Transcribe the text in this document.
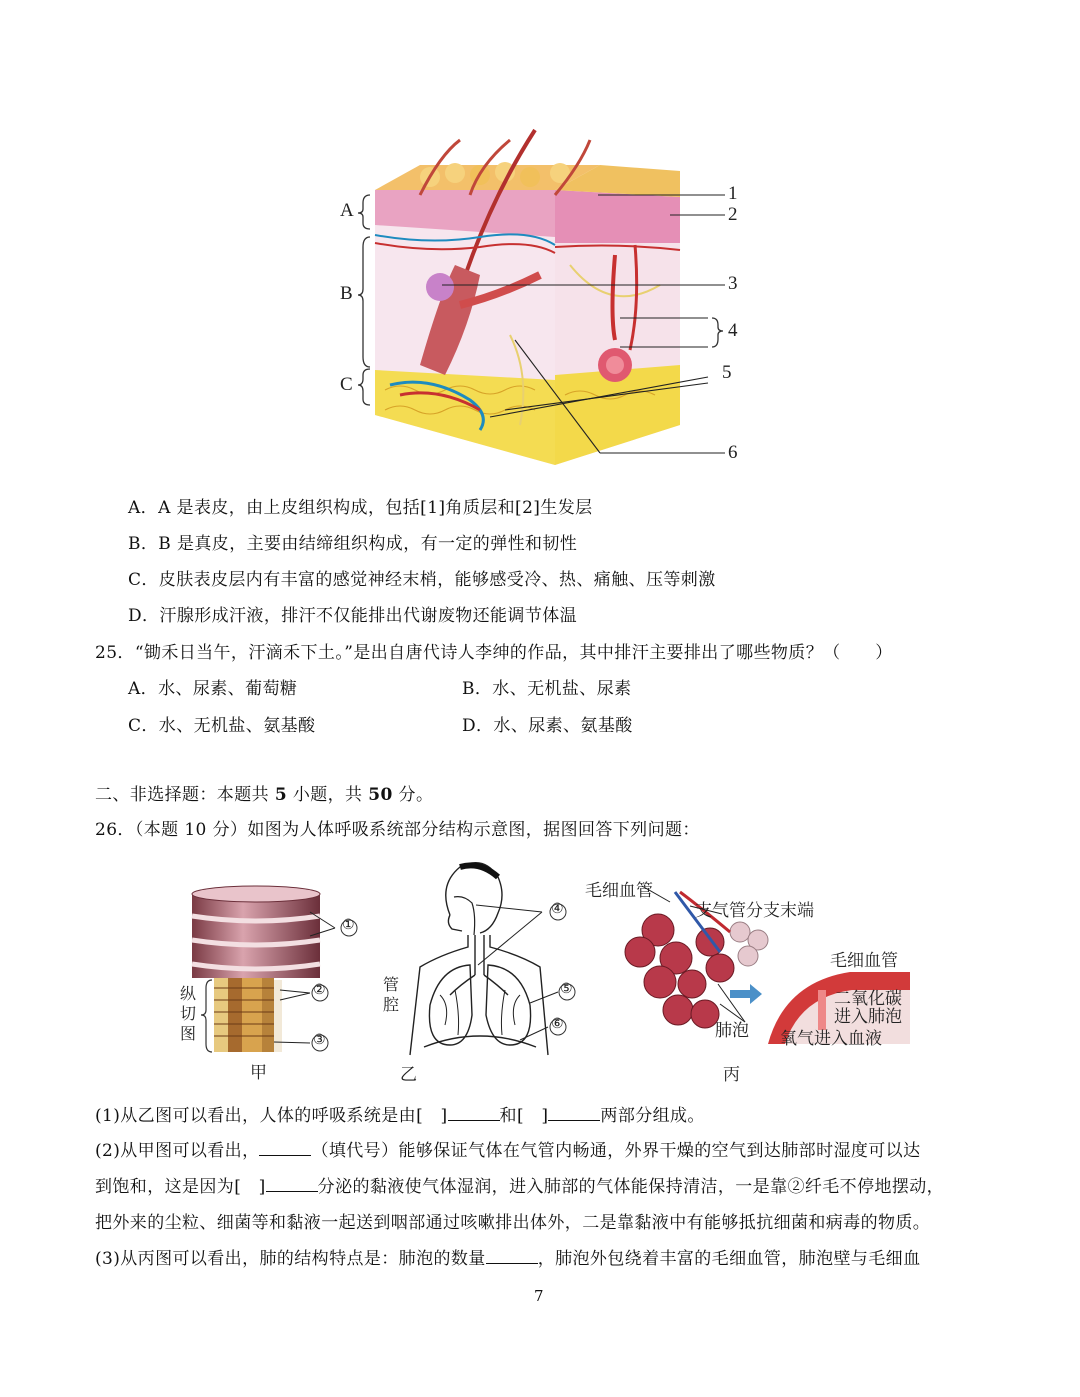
A
B
C
1
2
3
4
5
6
A．A 是表皮，由上皮组织构成，包括[1]角质层和[2]生发层
B．B 是真皮，主要由结缔组织构成，有一定的弹性和韧性
C．皮肤表皮层内有丰富的感觉神经末梢，能够感受冷、热、痛触、压等刺激
D．汗腺形成汗液，排汗不仅能排出代谢废物还能调节体温
25．“锄禾日当午，汗滴禾下土。”是出自唐代诗人李绅的作品，其中排汗主要排出了哪些物质？（　　）
A．水、尿素、葡萄糖	B．水、无机盐、尿素
C．水、无机盐、氨基酸	D．水、尿素、氨基酸
二、非选择题：本题共 5 小题，共 50 分。
26．（本题 10 分）如图为人体呼吸系统部分结构示意图，据图回答下列问题：
①
②
③
纵切图
甲
④
⑤
⑥
管腔
乙
毛细血管
支气管分支末端
毛细血管
二氧化碳
进入肺泡
氧气进入血液
肺泡
丙
(1)从乙图可以看出，人体的呼吸系统是由[　]	和[　]	两部分组成。
(2)从甲图可以看出，	（填代号）能够保证气体在气管内畅通，外界干燥的空气到达肺部时湿度可以达
到饱和，这是因为[　]	分泌的黏液使气体湿润，进入肺部的气体能保持清洁，一是靠②纤毛不停地摆动，
把外来的尘粒、细菌等和黏液一起送到咽部通过咳嗽排出体外，二是靠黏液中有能够抵抗细菌和病毒的物质。
(3)从丙图可以看出，肺的结构特点是：肺泡的数量	，肺泡外包绕着丰富的毛细血管，肺泡壁与毛细血
7
